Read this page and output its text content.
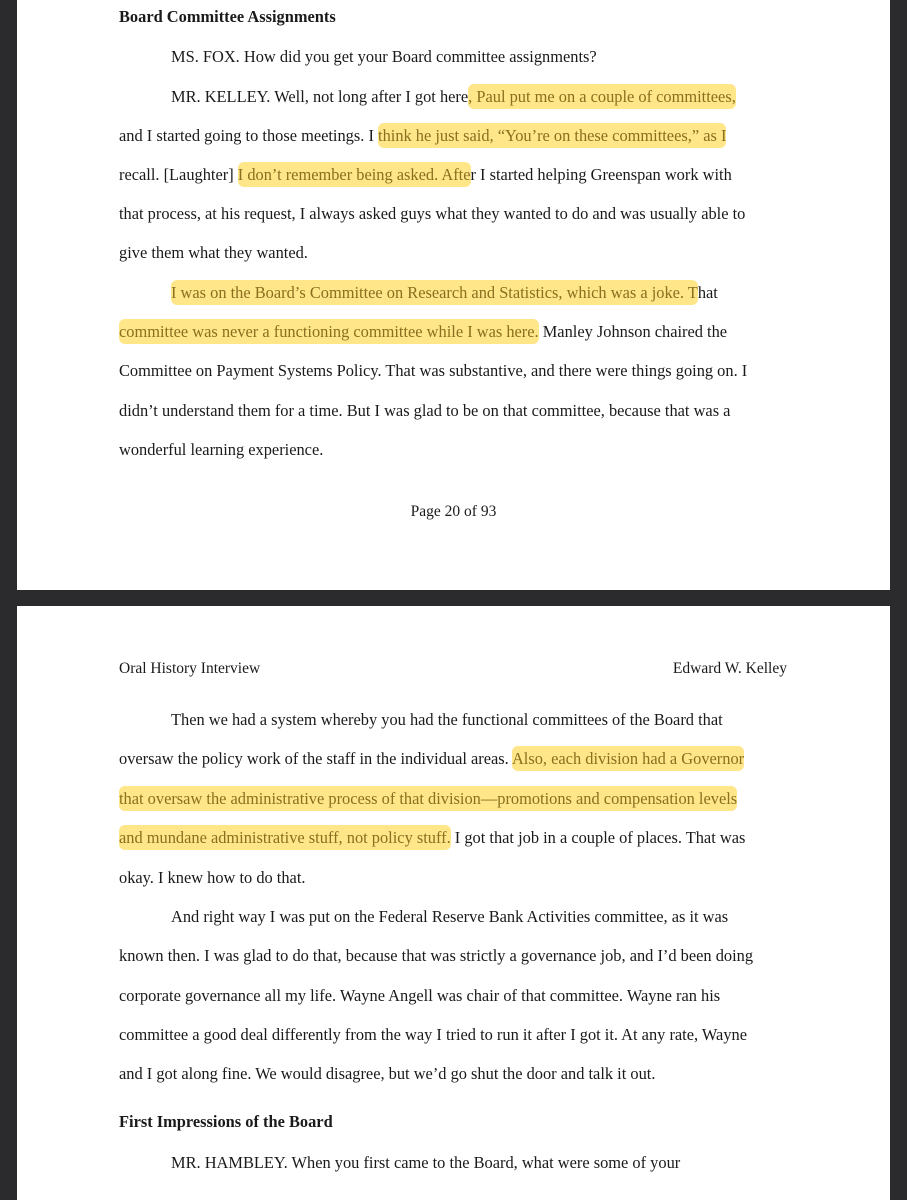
Board Committee Assignments
MS. FOX. How did you get your Board committee assignments?
MR. KELLEY. Well, not long after I got here, Paul put me on a couple of committees,
and I started going to those meetings. I think he just said, “You’re on these committees,” as I
recall. [Laughter] I don’t remember being asked. After I started helping Greenspan work with
that process, at his request, I always asked guys what they wanted to do and was usually able to
give them what they wanted.
I was on the Board’s Committee on Research and Statistics, which was a joke. That
committee was never a functioning committee while I was here. Manley Johnson chaired the
Committee on Payment Systems Policy. That was substantive, and there were things going on. I
didn’t understand them for a time. But I was glad to be on that committee, because that was a
wonderful learning experience.
Page 20 of 93
Oral History Interview	Edward W. Kelley
Then we had a system whereby you had the functional committees of the Board that
oversaw the policy work of the staff in the individual areas. Also, each division had a Governor
that oversaw the administrative process of that division—promotions and compensation levels
and mundane administrative stuff, not policy stuff. I got that job in a couple of places. That was
okay. I knew how to do that.
And right way I was put on the Federal Reserve Bank Activities committee, as it was
known then. I was glad to do that, because that was strictly a governance job, and I’d been doing
corporate governance all my life. Wayne Angell was chair of that committee. Wayne ran his
committee a good deal differently from the way I tried to run it after I got it. At any rate, Wayne
and I got along fine. We would disagree, but we’d go shut the door and talk it out.
First Impressions of the Board
MR. HAMBLEY. When you first came to the Board, what were some of your
